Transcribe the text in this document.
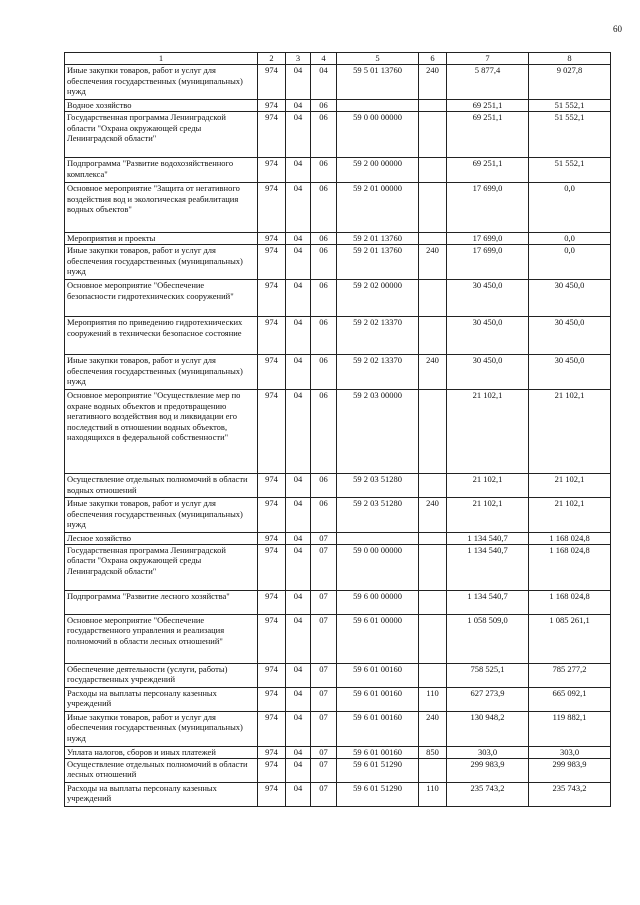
60
1	2	3	4	5	6	7	8
Иные закупки товаров, работ и услуг для обеспечения государственных (муниципальных) нужд	974	04	04	59 5 01 13760	240	5 877,4	9 027,8
Водное хозяйство	974	04	06			69 251,1	51 552,1
Государственная программа Ленинградской области "Охрана окружающей среды Ленинградской области"	974	04	06	59 0 00 00000		69 251,1	51 552,1
Подпрограмма "Развитие водохозяйственного комплекса"	974	04	06	59 2 00 00000		69 251,1	51 552,1
Основное мероприятие "Защита от негативного воздействия вод и экологическая реабилитация водных объектов"	974	04	06	59 2 01 00000		17 699,0	0,0
Мероприятия и проекты	974	04	06	59 2 01 13760		17 699,0	0,0
Иные закупки товаров, работ и услуг для обеспечения государственных (муниципальных) нужд	974	04	06	59 2 01 13760	240	17 699,0	0,0
Основное мероприятие "Обеспечение безопасности гидротехнических сооружений"	974	04	06	59 2 02 00000		30 450,0	30 450,0
Мероприятия по приведению гидротехнических сооружений в технически безопасное состояние	974	04	06	59 2 02 13370		30 450,0	30 450,0
Иные закупки товаров, работ и услуг для обеспечения государственных (муниципальных) нужд	974	04	06	59 2 02 13370	240	30 450,0	30 450,0
Основное мероприятие "Осуществление мер по охране водных объектов и предотвращению негативного воздействия вод и ликвидации его последствий в отношении водных объектов, находящихся в федеральной собственности"	974	04	06	59 2 03 00000		21 102,1	21 102,1
Осуществление отдельных полномочий в области водных отношений	974	04	06	59 2 03 51280		21 102,1	21 102,1
Иные закупки товаров, работ и услуг для обеспечения государственных (муниципальных) нужд	974	04	06	59 2 03 51280	240	21 102,1	21 102,1
Лесное хозяйство	974	04	07			1 134 540,7	1 168 024,8
Государственная программа Ленинградской области "Охрана окружающей среды Ленинградской области"	974	04	07	59 0 00 00000		1 134 540,7	1 168 024,8
Подпрограмма "Развитие лесного хозяйства"	974	04	07	59 6 00 00000		1 134 540,7	1 168 024,8
Основное мероприятие "Обеспечение государственного управления и реализация полномочий в области лесных отношений"	974	04	07	59 6 01 00000		1 058 509,0	1 085 261,1
Обеспечение деятельности (услуги, работы) государственных учреждений	974	04	07	59 6 01 00160		758 525,1	785 277,2
Расходы на выплаты персоналу казенных учреждений	974	04	07	59 6 01 00160	110	627 273,9	665 092,1
Иные закупки товаров, работ и услуг для обеспечения государственных (муниципальных) нужд	974	04	07	59 6 01 00160	240	130 948,2	119 882,1
Уплата налогов, сборов и иных платежей	974	04	07	59 6 01 00160	850	303,0	303,0
Осуществление отдельных полномочий в области лесных отношений	974	04	07	59 6 01 51290		299 983,9	299 983,9
Расходы на выплаты персоналу казенных учреждений	974	04	07	59 6 01 51290	110	235 743,2	235 743,2
